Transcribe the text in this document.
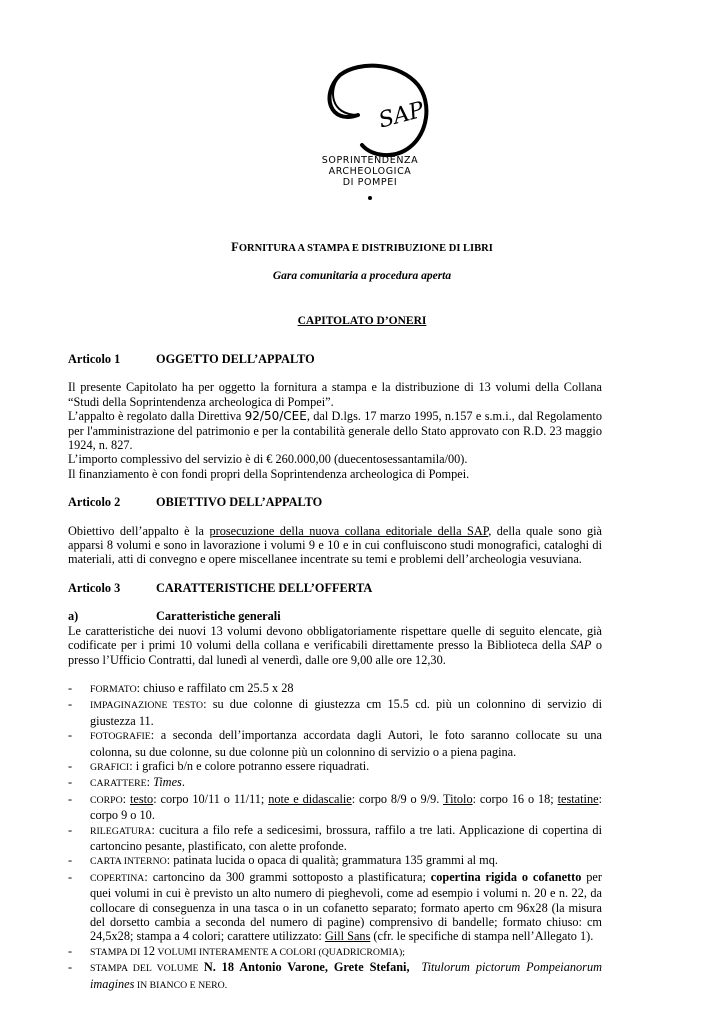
SAP
SOPRINTENDENZA
ARCHEOLOGICA
DI POMPEI
FORNITURA A STAMPA E DISTRIBUZIONE DI LIBRI
Gara comunitaria a procedura aperta
CAPITOLATO D’ONERI
Articolo 1	OGGETTO DELL’APPALTO

Il presente Capitolato ha per oggetto la fornitura a stampa e la distribuzione di 13 volumi della Collana “Studi della Soprintendenza archeologica di Pompei”.

L’appalto è regolato dalla Direttiva 92/50/CEE, dal D.lgs. 17 marzo 1995, n.157 e s.m.i., dal Regolamento per l'amministrazione del patrimonio e per la contabilità generale dello Stato approvato con R.D. 23 maggio 1924, n. 827.

L’importo complessivo del servizio è di € 260.000,00 (duecentosessantamila/00).

Il finanziamento è con fondi propri della Soprintendenza archeologica di Pompei.

Articolo 2	OBIETTIVO DELL’APPALTO

Obiettivo dell’appalto è la prosecuzione della nuova collana editoriale della SAP, della quale sono già apparsi 8 volumi e sono in lavorazione i volumi 9 e 10 e in cui confluiscono studi monografici, cataloghi di materiali, atti di convegno e opere miscellanee incentrate su temi e problemi dell’archeologia vesuviana.

Articolo 3	CARATTERISTICHE DELL’OFFERTA
a)	Caratteristiche generali

Le caratteristiche dei nuovi 13 volumi devono obbligatoriamente rispettare quelle di seguito elencate, già codificate per i primi 10 volumi della collana e verificabili direttamente presso la Biblioteca della SAP o presso l’Ufficio Contratti, dal lunedì al venerdì, dalle ore 9,00 alle ore 12,30.

- FORMATO: chiuso e raffilato cm 25.5 x 28
- IMPAGINAZIONE TESTO: su due colonne di giustezza cm 15.5 cd. più un colonnino di servizio di giustezza 11.
- FOTOGRAFIE: a seconda dell’importanza accordata dagli Autori, le foto saranno collocate su una colonna, su due colonne, su due colonne più un colonnino di servizio o a piena pagina.
- GRAFICI: i grafici b/n e colore potranno essere riquadrati.
- CARATTERE: Times.
- CORPO: testo: corpo 10/11 o 11/11; note e didascalie: corpo 8/9 o 9/9. Titolo: corpo 16 o 18; testatine: corpo 9 o 10.
- RILEGATURA: cucitura a filo refe a sedicesimi, brossura, raffilo a tre lati. Applicazione di copertina di cartoncino pesante, plastificato, con alette profonde.
- CARTA INTERNO: patinata lucida o opaca di qualità; grammatura 135 grammi al mq.
- COPERTINA: cartoncino da 300 grammi sottoposto a plastificatura; copertina rigida o cofanetto per quei volumi in cui è previsto un alto numero di pieghevoli, come ad esempio i volumi n. 20 e n. 22, da collocare di conseguenza in una tasca o in un cofanetto separato; formato aperto cm 96x28 (la misura del dorsetto cambia a seconda del numero di pagine) comprensivo di bandelle; formato chiuso: cm 24,5x28; stampa a 4 colori; carattere utilizzato: Gill Sans (cfr. le specifiche di stampa nell’Allegato 1).
- STAMPA DI 12 VOLUMI INTERAMENTE A COLORI (QUADRICROMIA);
- STAMPA DEL VOLUME N. 18 Antonio Varone, Grete Stefani, Titulorum pictorum Pompeianorum imagines IN BIANCO E NERO.
